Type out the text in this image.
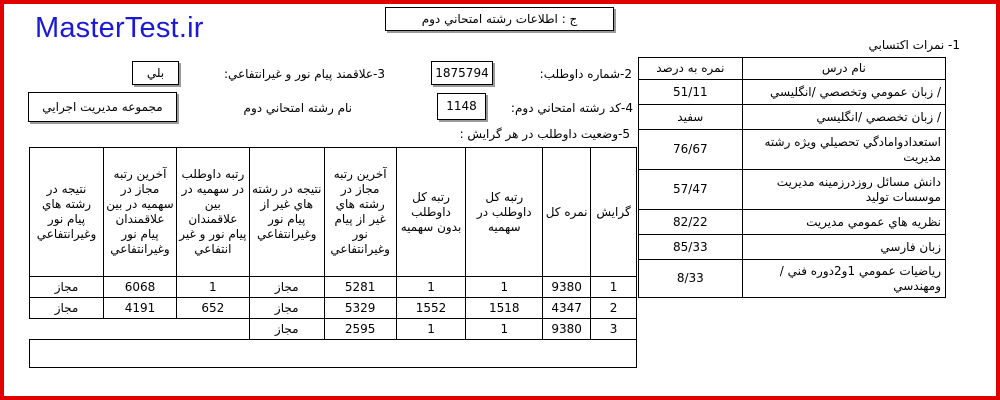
MasterTest.ir	ج : اطلاعات رشته امتحاني دوم
2-شماره داوطلب:
1875794
3-علاقمند پيام نور و غيرانتفاعي:
بلي
4-کد رشته امتحاني دوم:
1148
نام رشته امتحاني دوم
مجموعه مديريت اجرايي
5-وضعيت داوطلب در هر گرايش :
1- نمرات اکتسابي
گرايش	نمره کل	رتبه کل داوطلب در سهميه	رتبه کل داوطلب بدون سهميه	آخرين رتبه مجاز در رشته هاي غير از پيام نور وغيرانتفاعي	نتيجه در رشته هاي غير از پيام نور وغيرانتفاعي	رتبه داوطلب در سهميه در بين علاقمندان پيام نور و غير انتفاعي	آخرين رتبه مجاز در سهميه در بين علاقمندان پيام نور وغيرانتفاعي	نتيجه در رشته هاي پيام نور وغيرانتفاعي
1	9380	1	1	5281	مجاز	1	6068	مجاز
2	4347	1518	1552	5329	مجاز	652	4191	مجاز
3	9380	1	1	2595	مجاز			

نام درس	نمره به درصد
/ زبان عمومي وتخصصي /انگليسي	51/11
/ زبان تخصصي /انگليسي	سفيد
استعدادوامادگي تحصيلي ويژه رشته مديريت	76/67
دانش مسائل روزدرزمينه مديريت موسسات توليد	57/47
نظريه هاي عمومي مديريت	82/22
زبان فارسي	85/33
رياضيات عمومي 1و2دوره فني / ومهندسي	8/33
